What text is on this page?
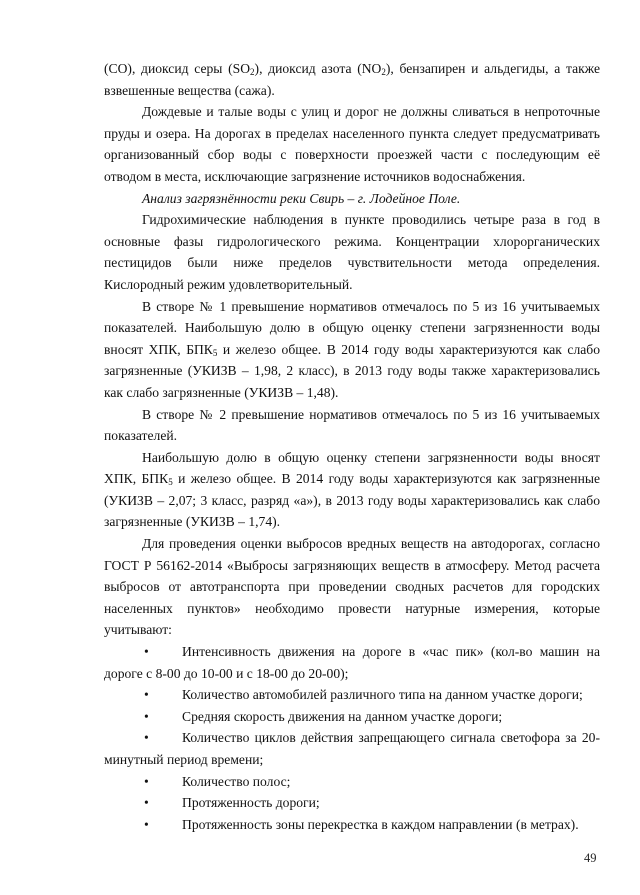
(CO), диоксид серы $(SO_2)$, диоксид азота $(NO_2)$, бензапирен и альдегиды, а также взвешенные вещества (сажа).

Дождевые и талые воды с улиц и дорог не должны сливаться в непроточные пруды и озера. На дорогах в пределах населенного пункта следует предусматривать организованный сбор воды с поверхности проезжей части с последующим её отводом в места, исключающие загрязнение источников водоснабжения.

Анализ загрязнённости реки Свирь – г. Лодейное Поле.

Гидрохимические наблюдения в пункте проводились четыре раза в год в основные фазы гидрологического режима. Концентрации хлорорганических пестицидов были ниже пределов чувствительности метода определения. Кислородный режим удовлетворительный.

В створе № 1 превышение нормативов отмечалось по 5 из 16 учитываемых показателей. Наибольшую долю в общую оценку степени загрязненности воды вносят ХПК, $БПК_5$ и железо общее. В 2014 году воды характеризуются как слабо загрязненные (УКИЗВ – 1,98, 2 класс), в 2013 году воды также характеризовались как слабо загрязненные (УКИЗВ – 1,48).

В створе № 2 превышение нормативов отмечалось по 5 из 16 учитываемых показателей.

Наибольшую долю в общую оценку степени загрязненности воды вносят ХПК, $БПК_5$ и железо общее. В 2014 году воды характеризуются как загрязненные (УКИЗВ – 2,07; 3 класс, разряд «а»), в 2013 году воды характеризовались как слабо загрязненные (УКИЗВ – 1,74).

Для проведения оценки выбросов вредных веществ на автодорогах, согласно ГОСТ Р 56162-2014 «Выбросы загрязняющих веществ в атмосферу. Метод расчета выбросов от автотранспорта при проведении сводных расчетов для городских населенных пунктов» необходимо провести натурные измерения, которые учитывают:

• Интенсивность движения на дороге в «час пик» (кол-во машин на дороге с 8-00 до 10-00 и с 18-00 до 20-00);

• Количество автомобилей различного типа на данном участке дороги;

• Средняя скорость движения на данном участке дороги;

• Количество циклов действия запрещающего сигнала светофора за 20-минутный период времени;

• Количество полос;

• Протяженность дороги;

• Протяженность зоны перекрестка в каждом направлении (в метрах).

49
